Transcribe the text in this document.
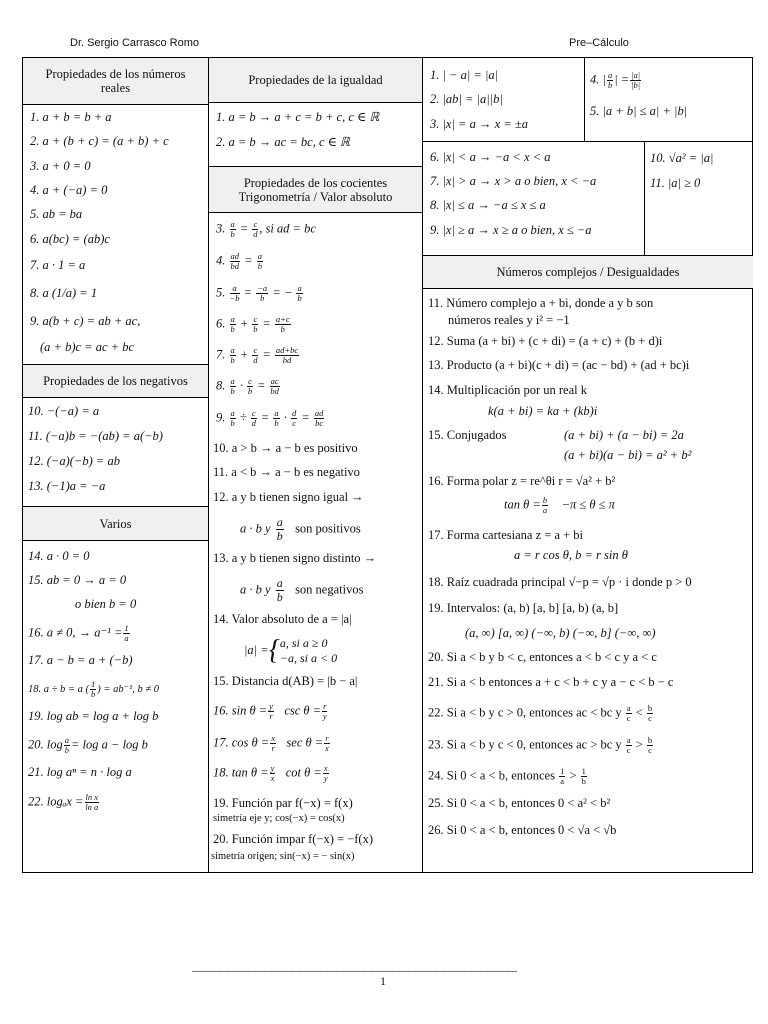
Dr. Sergio Carrasco Romo	Pre–Cálculo
Propiedades de los números reales
Propiedades de la igualdad
Propiedades de los negativos
Varios
Propiedades de los cocientes Trigonometría / Valor absoluto
Números complejos / Desigualdades
1. a + b = b + a
2. a + (b + c) = (a + b) + c
3. a + 0 = 0
4. a + (−a) = 0
5. ab = ba
6. a(bc) = (ab)c
7. a · 1 = a
8. a (1/a) = 1
9. a(b + c) = ab + ac,
(a + b)c = ac + bc
10. −(−a) = a
11. (−a)b = −(ab) = a(−b)
12. (−a)(−b) = ab
13. (−1)a = −a
14. a · 0 = 0
15. ab = 0 → a = 0
o bien b = 0
16. a ≠ 0, → $a^{-1} = \frac{1}{a}$
17. a − b = a + (−b)
18. a ÷ b = a ( $\frac{1}{b}$ ) = ab⁻¹, b ≠ 0
19. log ab = log a + log b
20. $\log \frac{a}{b} = \log a - \log b$
21. log aⁿ = n · log a
22. $\log_ax = \frac{\text{ln x}}{\text{ln a}}$
1. a = b → a + c = b + c, c ∈ ℝ
2. a = b → ac = bc, c ∈ ℝ
3. $\frac{a}{b} = \frac{c}{d}$ , si ad = bc
4. $\frac{ad}{bd} = \frac{a}{b}$
5. $\frac{a}{-b} = \frac{-a}{b}$ = − $\frac{a}{b}$
6. $\frac{a}{b} + \frac{c}{b} = \frac{a+c}{b}$
7. $\frac{a}{b} + \frac{c}{d} = \frac{ad+bc}{bd}$
8. $\frac{a}{b} \cdot \frac{c}{b} = \frac{ac}{bd}$
9. $\frac{a}{b} \div \frac{c}{d} = \frac{a}{b} \cdot \frac{d}{c} = \frac{ad}{bc}$
10. a > b → a − b es positivo
11. a < b → a − b es negativo
12. a y b tienen signo igual →
a · b y $\frac{a}{b}$ son positivos
13. a y b tienen signo distinto →
a · b y $\frac{a}{b}$ son negativos
14. Valor absoluto de a = |a|
|a| ={ a, si a ≥ 0
−a, si a < 0
15. Distancia d(AB) = |b − a|
16. $\sin \theta = \frac{y}{r}$ $\csc \theta = \frac{r}{y}$
17. $\cos \theta = \frac{x}{r}$ $\sec \theta = \frac{r}{x}$
18. $\tan \theta = \frac{y}{x}$ $\cot \theta = \frac{x}{y}$
19. Función par f(−x) = f(x)
simetría eje y; cos(−x) = cos(x)
20. Función impar f(−x) = −f(x)
simetría origen; sin(−x) = − sin(x)
1. | − a| = |a|
2. |ab| = |a||b|
3. |x| = a → x = ±a
4. | $\frac{a}{b}$ | = $\frac{|a|}{|b|}$
5. |a + b| ≤ a| + |b|
6. |x| < a → −a < x < a
7. |x| > a → x > a o bien, x < −a
8. |x| ≤ a → −a ≤ x ≤ a
9. |x| ≥ a → x ≥ a o bien, x ≤ −a
10. √a² = |a|
11. |a| ≥ 0
11. Número complejo a + bi, donde a y b son
números reales y i² = −1
12. Suma (a + bi) + (c + di) = (a + c) + (b + d)i
13. Producto (a + bi)(c + di) = (ac − bd) + (ad + bc)i
14. Multiplicación por un real k
k(a + bi) = ka + (kb)i
15. Conjugados	(a + bi) + (a − bi) = 2a
(a + bi)(a − bi) = a² + b²
16. Forma polar z = re^θi r = √a² + b²
$\tan \theta = \frac{b}{a} -\pi \le \theta \le \pi$
17. Forma cartesiana z = a + bi
a = r cos θ, b = r sin θ
18. Raíz cuadrada principal √−p = √p · i donde p > 0
19. Intervalos: (a, b) [a, b] [a, b) (a, b]
(a, ∞) [a, ∞) (−∞, b) (−∞, b] (−∞, ∞)
20. Si a < b y b < c, entonces a < b < c y a < c
21. Si a < b entonces a + c < b + c y a − c < b − c
22. Si a < b y c > 0, entonces ac < bc y $\frac{a}{c} < \frac{b}{c}$
23. Si a < b y c < 0, entonces ac > bc y $\frac{a}{c} > \frac{b}{c}$
24. Si 0 < a < b, entonces $\frac{1}{a} > \frac{1}{b}$
25. Si 0 < a < b, entonces 0 < a² < b²
26. Si 0 < a < b, entonces 0 < √a < √b
————————————————————————————————————
1
